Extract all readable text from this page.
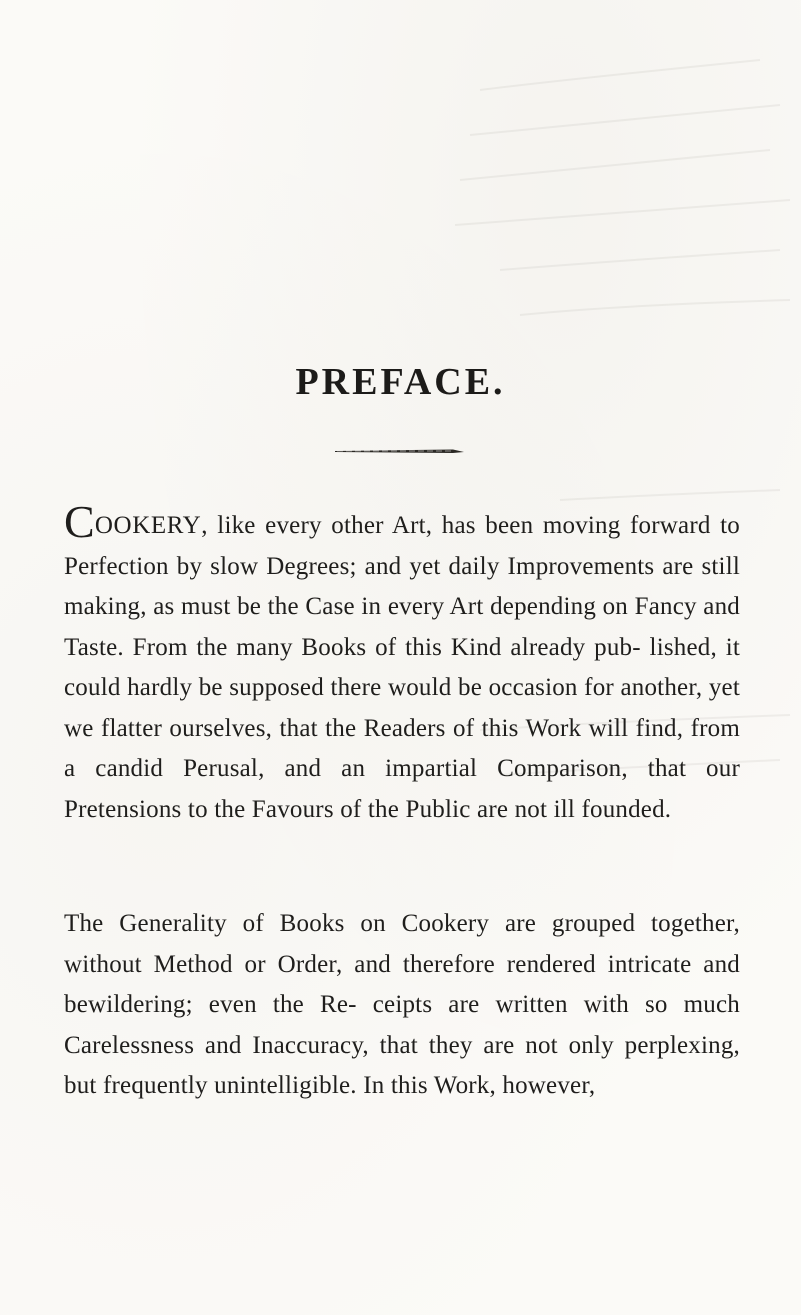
PREFACE.
COOKERY, like every other Art, has been moving forward to Perfection by slow Degrees; and yet daily Improvements are still making, as must be the Case in every Art depending on Fancy and Taste. From the many Books of this Kind already pub- lished, it could hardly be supposed there would be occasion for another, yet we flatter ourselves, that the Readers of this Work will find, from a candid Perusal, and an impartial Comparison, that our Pretensions to the Favours of the Public are not ill founded.
The Generality of Books on Cookery are grouped together, without Method or Order, and therefore rendered intricate and bewildering; even the Re- ceipts are written with so much Carelessness and Inaccuracy, that they are not only perplexing, but frequently unintelligible. In this Work, however,
